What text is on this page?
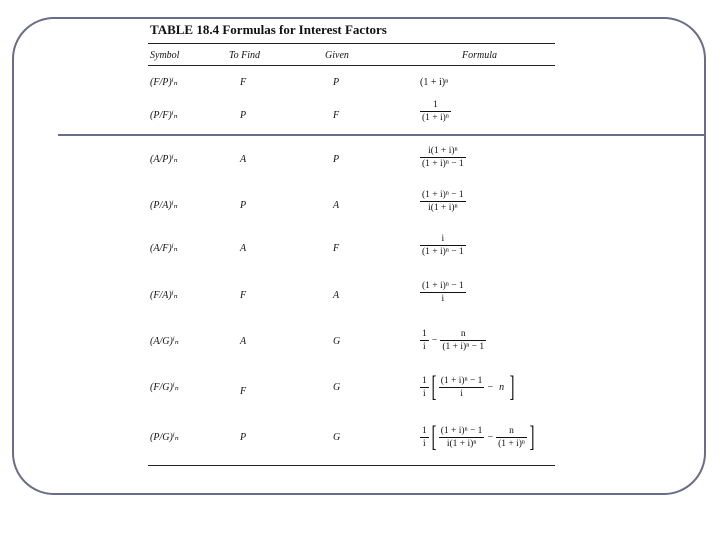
TABLE 18.4 Formulas for Interest Factors
Symbol	To Find	Given	Formula
(F/P)ⁱₙ	F	P	(1 + i)ⁿ
(P/F)ⁱₙ	P	F	$\frac{1}{\text{(1 + i)ⁿ}}$
(A/P)ⁱₙ	A	P	$\frac{\text{i(1 + i)ⁿ}}{\text{(1 + i)ⁿ − 1}}$
(P/A)ⁱₙ	P	A	$\frac{\text{(1 + i)ⁿ − 1}}{\text{i(1 + i)ⁿ}}$
(A/F)ⁱₙ	A	F	$\frac{i}{\text{(1 + i)ⁿ − 1}}$
(F/A)ⁱₙ	F	A	$\frac{\text{(1 + i)ⁿ − 1}}{i}$
(A/G)ⁱₙ	A	G	$\frac{1}{i} - \frac{n}{\text{(1 + i)ⁿ − 1}}$
(F/G)ⁱₙ	F	G	$\frac{1}{i}$ [ $\frac{\text{(1 + i)ⁿ − 1}}{i} - n$ ]
(P/G)ⁱₙ	P	G	$\frac{1}{i}$ [ $\frac{\text{(1 + i)ⁿ − 1}}{\text{i(1 + i)ⁿ}} - \frac{n}{\text{(1 + i)ⁿ}}$ ]
